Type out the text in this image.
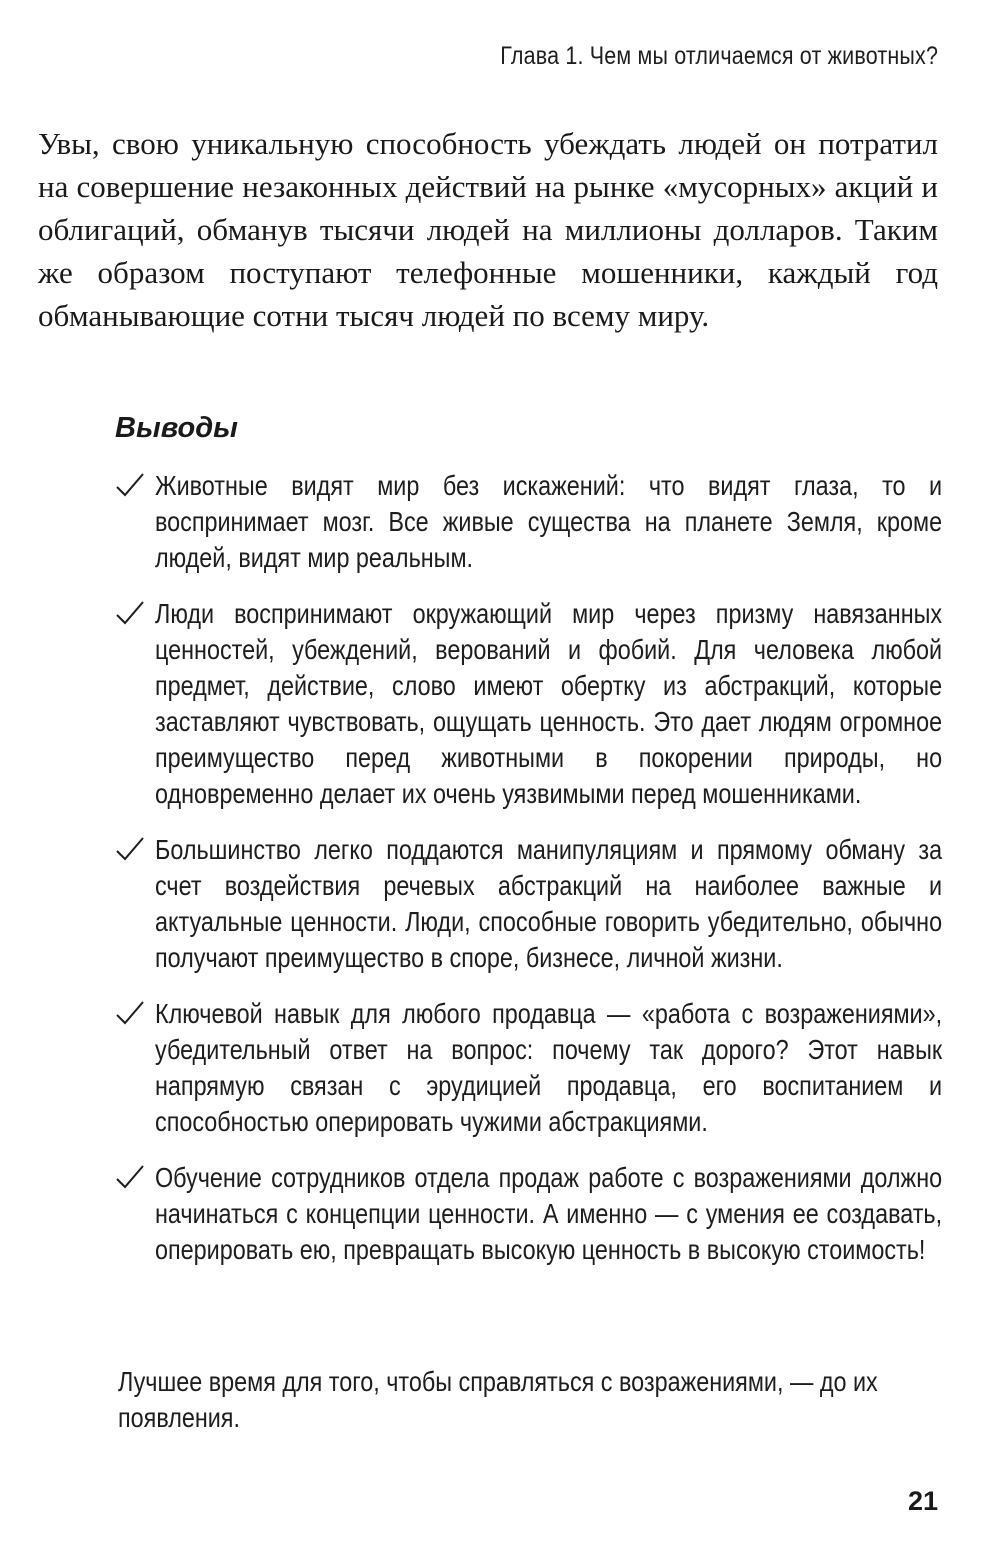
Глава 1. Чем мы отличаемся от животных?

Увы, свою уникальную способность убеждать людей он потратил на совершение незаконных действий на рынке «мусорных» акций и облигаций, обманув тысячи людей на миллионы долларов. Таким же образом поступают телефонные мошенники, каждый год обманывающие сотни тысяч людей по всему миру.

Выводы
Животные видят мир без искажений: что видят глаза, то и воспринимает мозг. Все живые существа на планете Земля, кроме людей, видят мир реальным.
Люди воспринимают окружающий мир через призму навязанных ценностей, убеждений, верований и фобий. Для человека любой предмет, действие, слово имеют обертку из абстракций, которые заставляют чувствовать, ощущать ценность. Это дает людям огромное преимущество перед животными в покорении природы, но одновременно делает их очень уязвимыми перед мошенниками.
Большинство легко поддаются манипуляциям и прямому обману за счет воздействия речевых абстракций на наиболее важные и актуальные ценности. Люди, способные говорить убедительно, обычно получают преимущество в споре, бизнесе, личной жизни.
Ключевой навык для любого продавца — «работа с возражениями», убедительный ответ на вопрос: почему так дорого? Этот навык напрямую связан с эрудицией продавца, его воспитанием и способностью оперировать чужими абстракциями.
Обучение сотрудников отдела продаж работе с возражениями должно начинаться с концепции ценности. А именно — с умения ее создавать, оперировать ею, превращать высокую ценность в высокую стоимость!

Лучшее время для того, чтобы справляться с возражениями, — до их появления.

21
